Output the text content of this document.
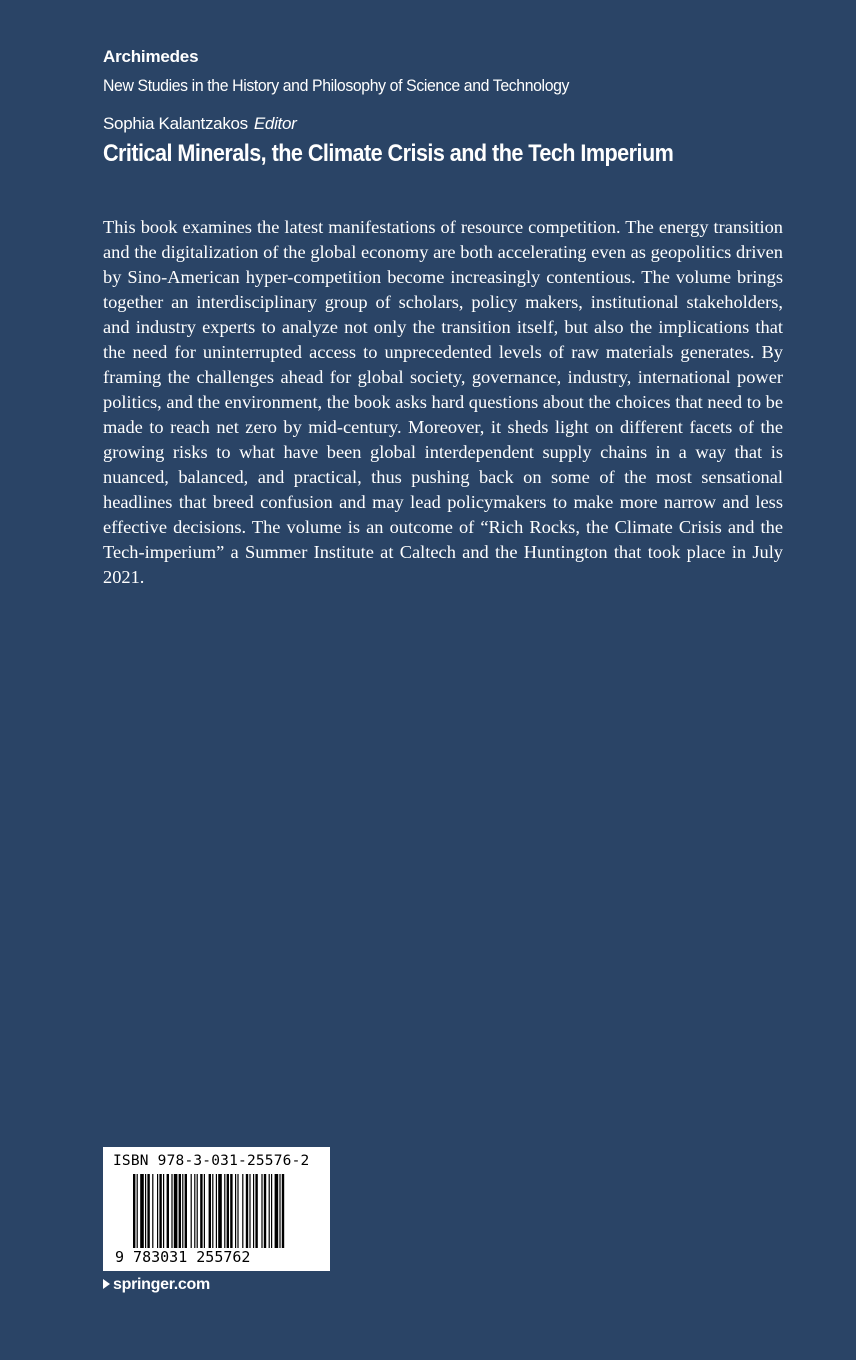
Archimedes

New Studies in the History and Philosophy of Science and Technology

Sophia Kalantzakos Editor

Critical Minerals, the Climate Crisis and the Tech Imperium

This book examines the latest manifestations of resource competition. The energy transition and the digitalization of the global economy are both accelerating even as geopolitics driven by Sino-American hyper-competition become increasingly contentious. The volume brings together an interdisciplinary group of scholars, policy makers, institutional stakeholders, and industry experts to analyze not only the transition itself, but also the implications that the need for uninterrupted access to unprecedented levels of raw materials generates. By framing the challenges ahead for global society, governance, industry, international power politics, and the environment, the book asks hard questions about the choices that need to be made to reach net zero by mid-century. Moreover, it sheds light on different facets of the growing risks to what have been global interdependent supply chains in a way that is nuanced, balanced, and practical, thus pushing back on some of the most sensational headlines that breed confusion and may lead policymakers to make more narrow and less effective decisions. The volume is an outcome of “Rich Rocks, the Climate Crisis and the Tech-imperium” a Summer Institute at Caltech and the Huntington that took place in July 2021.

ISBN 978-3-031-25576-2
9 783031 255762
springer.com
